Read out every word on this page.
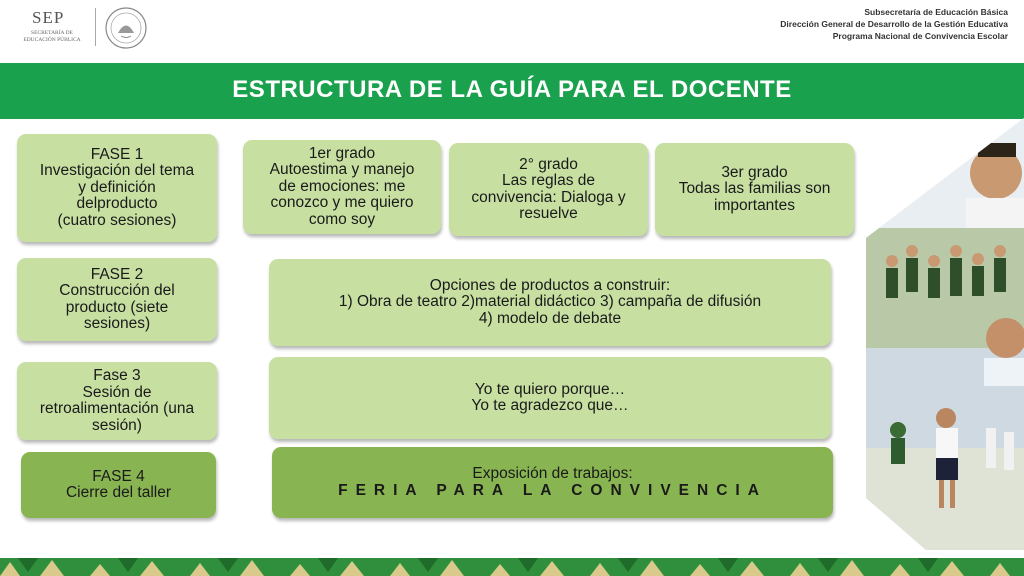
SEP
SECRETARÍA DE
EDUCACIÓN PÚBLICA
Subsecretaría de Educación Básica
Dirección General de Desarrollo de la Gestión Educativa
Programa Nacional de Convivencia Escolar
ESTRUCTURA DE LA GUÍA PARA EL DOCENTE
FASE 1
Investigación del tema
y definición
delproducto
(cuatro sesiones)
FASE 2
Construcción del
producto (siete
sesiones)
Fase 3
Sesión de
retroalimentación (una
sesión)
FASE 4
Cierre del taller
1er grado
Autoestima y manejo
de emociones: me
conozco y me quiero
como soy
2° grado
Las reglas de
convivencia: Dialoga y
resuelve
3er grado
Todas las familias son
importantes
Opciones de productos a construir:
1) Obra de teatro 2)material didáctico 3) campaña de difusión
4) modelo de debate
Yo te quiero porque…
Yo te agradezco que…
Exposición de trabajos:
FERIA PARA LA CONVIVENCIA
